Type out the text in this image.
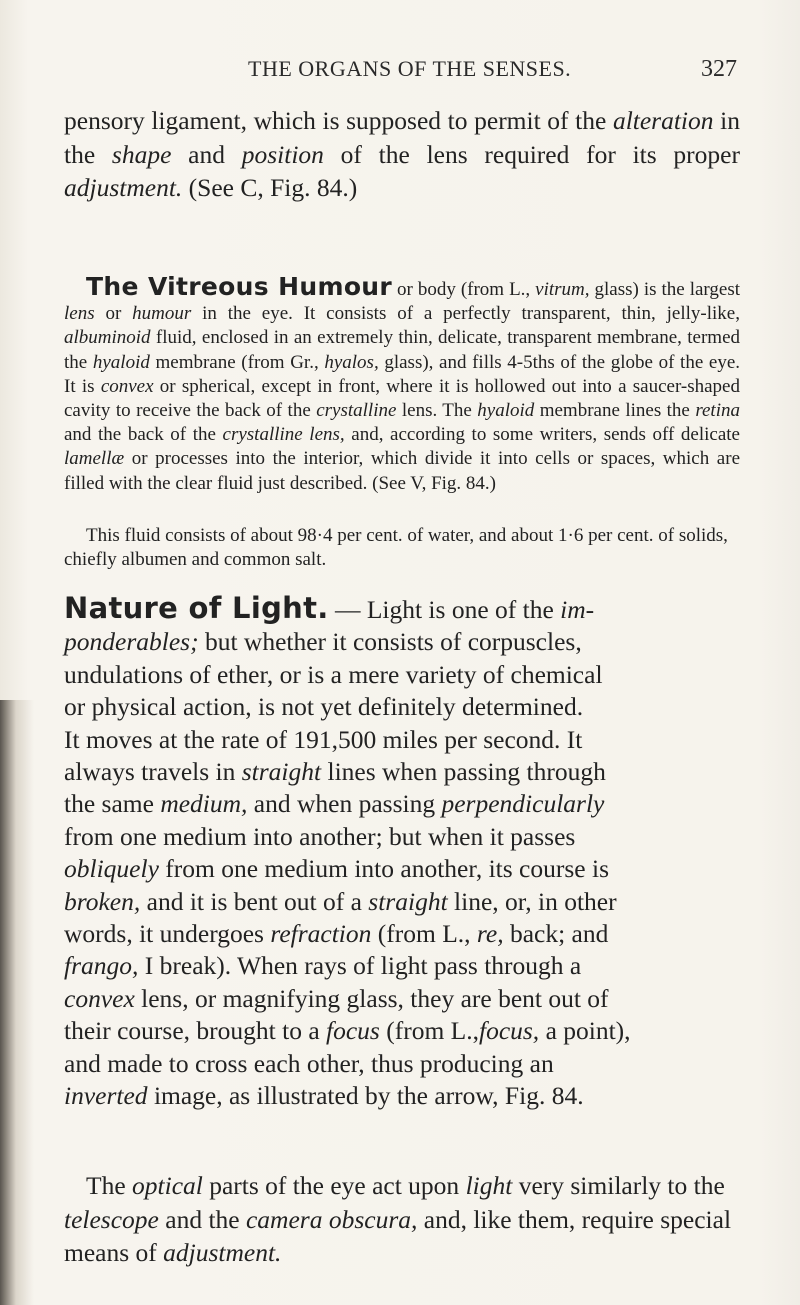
THE ORGANS OF THE SENSES.	327
pensory ligament, which is supposed to permit of the alteration in the shape and position of the lens required for its proper adjustment. (See C, Fig. 84.)
The Vitreous Humour or body (from L., vitrum, glass) is the largest lens or humour in the eye. It consists of a perfectly transparent, thin, jelly-like, albuminoid fluid, enclosed in an extremely thin, delicate, transparent membrane, termed the hyaloid membrane (from Gr., hyalos, glass), and fills 4-5ths of the globe of the eye. It is convex or spherical, except in front, where it is hollowed out into a saucer-shaped cavity to receive the back of the crystalline lens. The hyaloid membrane lines the retina and the back of the crystalline lens, and, according to some writers, sends off delicate lamellæ or processes into the interior, which divide it into cells or spaces, which are filled with the clear fluid just described. (See V, Fig. 84.)
This fluid consists of about 98·4 per cent. of water, and about 1·6 per cent. of solids, chiefly albumen and common salt.
Nature of Light. — Light is one of the im-
ponderables; but whether it consists of corpuscles,
undulations of ether, or is a mere variety of chemical
or physical action, is not yet definitely determined.
It moves at the rate of 191,500 miles per second. It
always travels in straight lines when passing through
the same medium, and when passing perpendicularly
from one medium into another; but when it passes
obliquely from one medium into another, its course is
broken, and it is bent out of a straight line, or, in other
words, it undergoes refraction (from L., re, back; and
frango, I break). When rays of light pass through a
convex lens, or magnifying glass, they are bent out of
their course, brought to a focus (from L.,focus, a point),
and made to cross each other, thus producing an
inverted image, as illustrated by the arrow, Fig. 84.
The optical parts of the eye act upon light very similarly to the telescope and the camera obscura, and, like them, require special means of adjustment.
